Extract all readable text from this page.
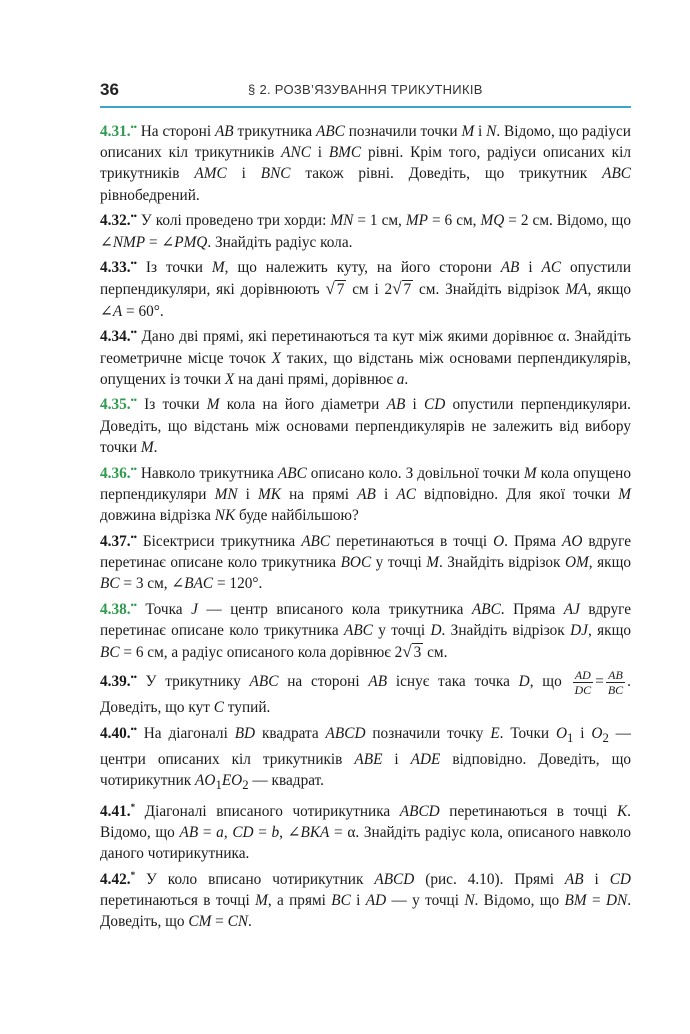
36	§ 2. РОЗВ’ЯЗУВАННЯ ТРИКУТНИКІВ
4.31.•• На стороні AB трикутника ABC позначили точки M і N. Відомо, що радіуси описаних кіл трикутників ANC і BMC рівні. Крім того, радіуси описаних кіл трикутників AMC і BNC також рівні. Доведіть, що трикутник ABC рівнобедрений.
4.32.•• У колі проведено три хорди: MN = 1 см, MP = 6 см, MQ = 2 см. Відомо, що ∠NMP = ∠PMQ. Знайдіть радіус кола.
4.33.•• Із точки M, що належить куту, на його сторони AB і AC опустили перпендикуляри, які дорівнюють √ 7 см і 2√ 7 см. Знайдіть відрізок MA, якщо ∠A = 60°.
4.34.•• Дано дві прямі, які перетинаються та кут між якими дорівнює α. Знайдіть геометричне місце точок X таких, що відстань між основами перпендикулярів, опущених із точки X на дані прямі, дорівнює a.
4.35.•• Із точки M кола на його діаметри AB і CD опустили перпендикуляри. Доведіть, що відстань між основами перпендикулярів не залежить від вибору точки M.
4.36.•• Навколо трикутника ABC описано коло. З довільної точки M кола опущено перпендикуляри MN і MK на прямі AB і AC відповідно. Для якої точки M довжина відрізка NK буде найбільшою?
4.37.•• Бісектриси трикутника ABC перетинаються в точці O. Пряма AO вдруге перетинає описане коло трикутника BOC у точці M. Знайдіть відрізок OM, якщо BC = 3 см, ∠BAC = 120°.
4.38.•• Точка J — центр вписаного кола трикутника ABC. Пряма AJ вдруге перетинає описане коло трикутника ABC у точці D. Знайдіть відрізок DJ, якщо BC = 6 см, а радіус описаного кола дорівнює 2√ 3 см.
4.39.•• У трикутнику ABC на стороні AB існує така точка D, що $\frac{AD}{DC} = \frac{AB}{BC}$ . Доведіть, що кут C тупий.
4.40.•• На діагоналі BD квадрата ABCD позначили точку E. Точки $O_1$ і $O_2$ — центри описаних кіл трикутників ABE і ADE відповідно. Доведіть, що чотирикутник $AO_1EO_2$ — квадрат.
4.41.* Діагоналі вписаного чотирикутника ABCD перетинаються в точці K. Відомо, що AB = a, CD = b, ∠BKA = α. Знайдіть радіус кола, описаного навколо даного чотирикутника.
4.42.* У коло вписано чотирикутник ABCD (рис. 4.10). Прямі AB і CD перетинаються в точці M, а прямі BC і AD — у точці N. Відомо, що BM = DN. Доведіть, що CM = CN.
